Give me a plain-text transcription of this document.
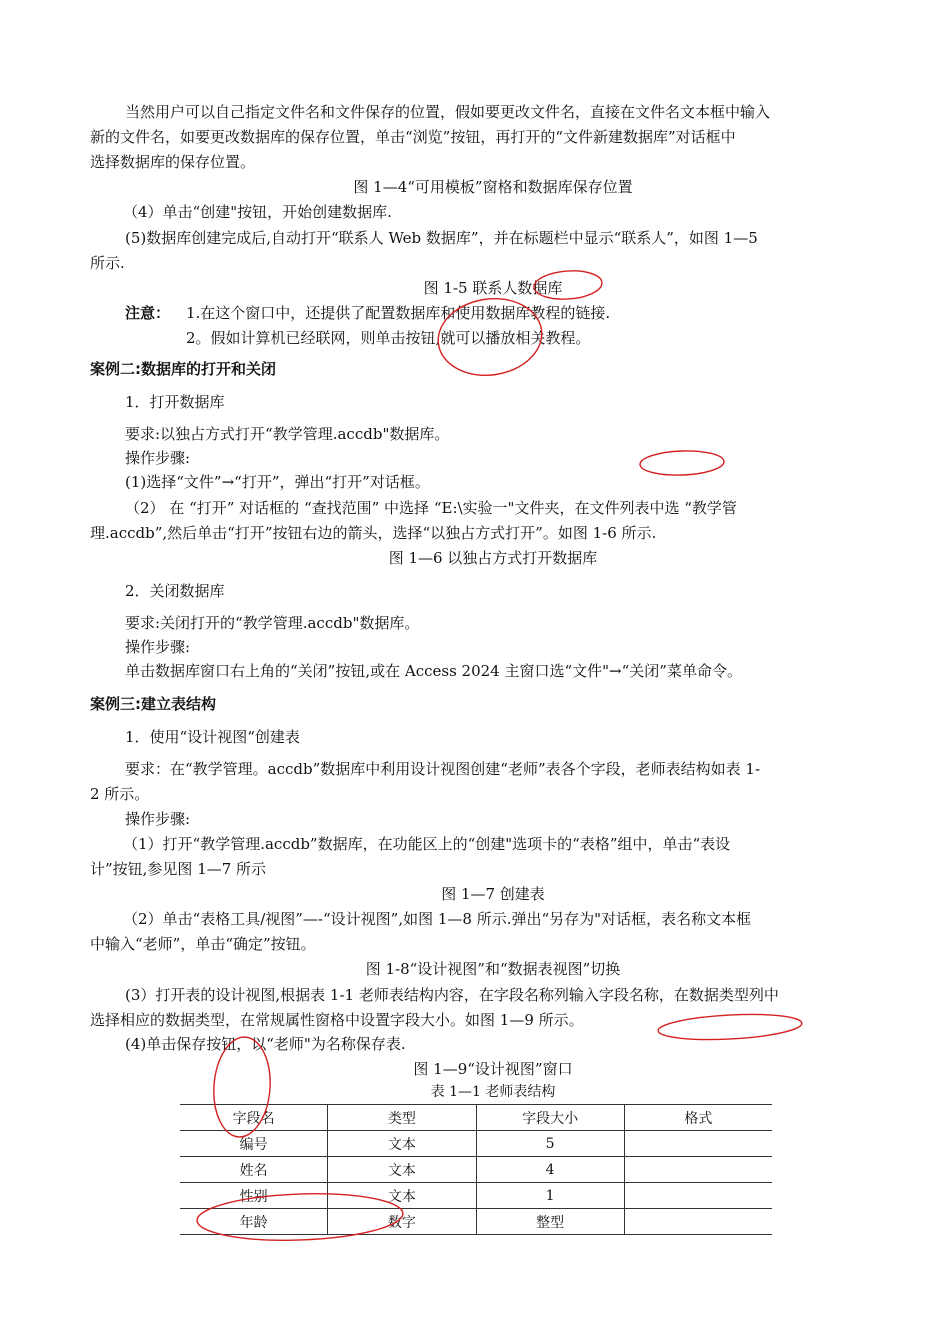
当然用户可以自己指定文件名和文件保存的位置，假如要更改文件名，直接在文件名文本框中输入
新的文件名，如要更改数据库的保存位置，单击“浏览”按钮，再打开的“文件新建数据库”对话框中
选择数据库的保存位置。
图 1—4“可用模板”窗格和数据库保存位置
（4）单击“创建"按钮，开始创建数据库.
(5)数据库创建完成后,自动打开“联系人 Web 数据库”，并在标题栏中显示“联系人”，如图 1—5
所示.
图 1-5 联系人数据库
注意： 1.在这个窗口中，还提供了配置数据库和使用数据库教程的链接.
2。假如计算机已经联网，则单击按钮,就可以播放相关教程。
案例二:数据库的打开和关闭
1．打开数据库
要求:以独占方式打开“教学管理.accdb"数据库。
操作步骤:
(1)选择“文件”→“打开”，弹出“打开”对话框。
（2） 在 “打开” 对话框的 “查找范围” 中选择 “E:\实验一"文件夹，在文件列表中选 “教学管
理.accdb”,然后单击“打开”按钮右边的箭头，选择“以独占方式打开”。如图 1-6 所示.
图 1—6 以独占方式打开数据库
2．关闭数据库
要求:关闭打开的“教学管理.accdb"数据库。
操作步骤:
单击数据库窗口右上角的“关闭”按钮,或在 Access 2024 主窗口选“文件"→“关闭”菜单命令。
案例三:建立表结构
1．使用“设计视图“创建表
要求：在“教学管理。accdb”数据库中利用设计视图创建“老师”表各个字段，老师表结构如表 1-
2 所示。
操作步骤:
（1）打开“教学管理.accdb”数据库，在功能区上的“创建"选项卡的“表格”组中，单击“表设
计”按钮,参见图 1—7 所示
图 1—7 创建表
（2）单击“表格工具/视图”—-“设计视图”,如图 1—8 所示.弹出“另存为"对话框，表名称文本框
中输入“老师”，单击“确定”按钮。
图 1-8“设计视图”和“数据表视图”切换
(3）打开表的设计视图,根据表 1-1 老师表结构内容，在字段名称列输入字段名称，在数据类型列中
选择相应的数据类型，在常规属性窗格中设置字段大小。如图 1—9 所示。
(4)单击保存按钮，以“老师"为名称保存表.
图 1—9“设计视图”窗口
表 1—1 老师表结构
字段名	类型	字段大小	格式
编号	文本	5	
姓名	文本	4	
性别	文本	1	
年龄	数字	整型	
